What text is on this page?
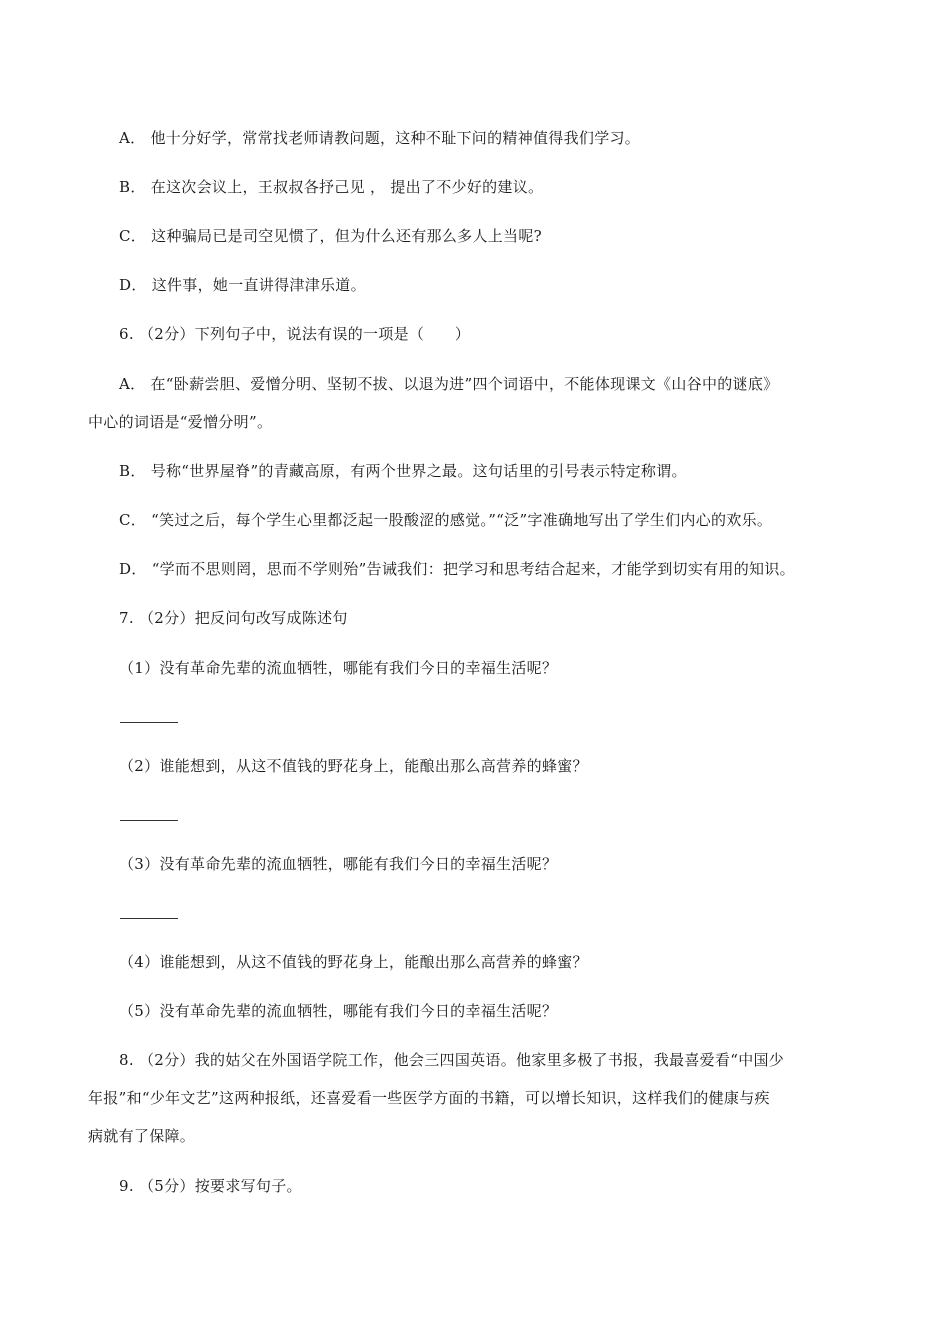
A． 他十分好学，常常找老师请教问题，这种不耻下问的精神值得我们学习。
B． 在这次会议上，王叔叔各抒己见 ， 提出了不少好的建议。
C． 这种骗局已是司空见惯了，但为什么还有那么多人上当呢?
D． 这件事，她一直讲得津津乐道。
6. （2分）下列句子中，说法有误的一项是（　　）
A． 在“卧薪尝胆、爱憎分明、坚韧不拔、以退为进”四个词语中，不能体现课文《山谷中的谜底》
中心的词语是“爱憎分明”。
B． 号称“世界屋脊”的青藏高原，有两个世界之最。这句话里的引号表示特定称谓。
C． “笑过之后，每个学生心里都泛起一股酸涩的感觉。”“泛”字准确地写出了学生们内心的欢乐。
D． “学而不思则罔，思而不学则殆”告诫我们：把学习和思考结合起来，才能学到切实有用的知识。
7. （2分）把反问句改写成陈述句
（1）没有革命先辈的流血牺牲，哪能有我们今日的幸福生活呢？
（2）谁能想到，从这不值钱的野花身上，能酿出那么高营养的蜂蜜？
（3）没有革命先辈的流血牺牲，哪能有我们今日的幸福生活呢？
（4）谁能想到，从这不值钱的野花身上，能酿出那么高营养的蜂蜜？
（5）没有革命先辈的流血牺牲，哪能有我们今日的幸福生活呢？
8. （2分）我的姑父在外国语学院工作，他会三四国英语。他家里多极了书报，我最喜爱看“中国少
年报”和“少年文艺”这两种报纸，还喜爱看一些医学方面的书籍，可以增长知识，这样我们的健康与疾
病就有了保障。
9. （5分）按要求写句子。
